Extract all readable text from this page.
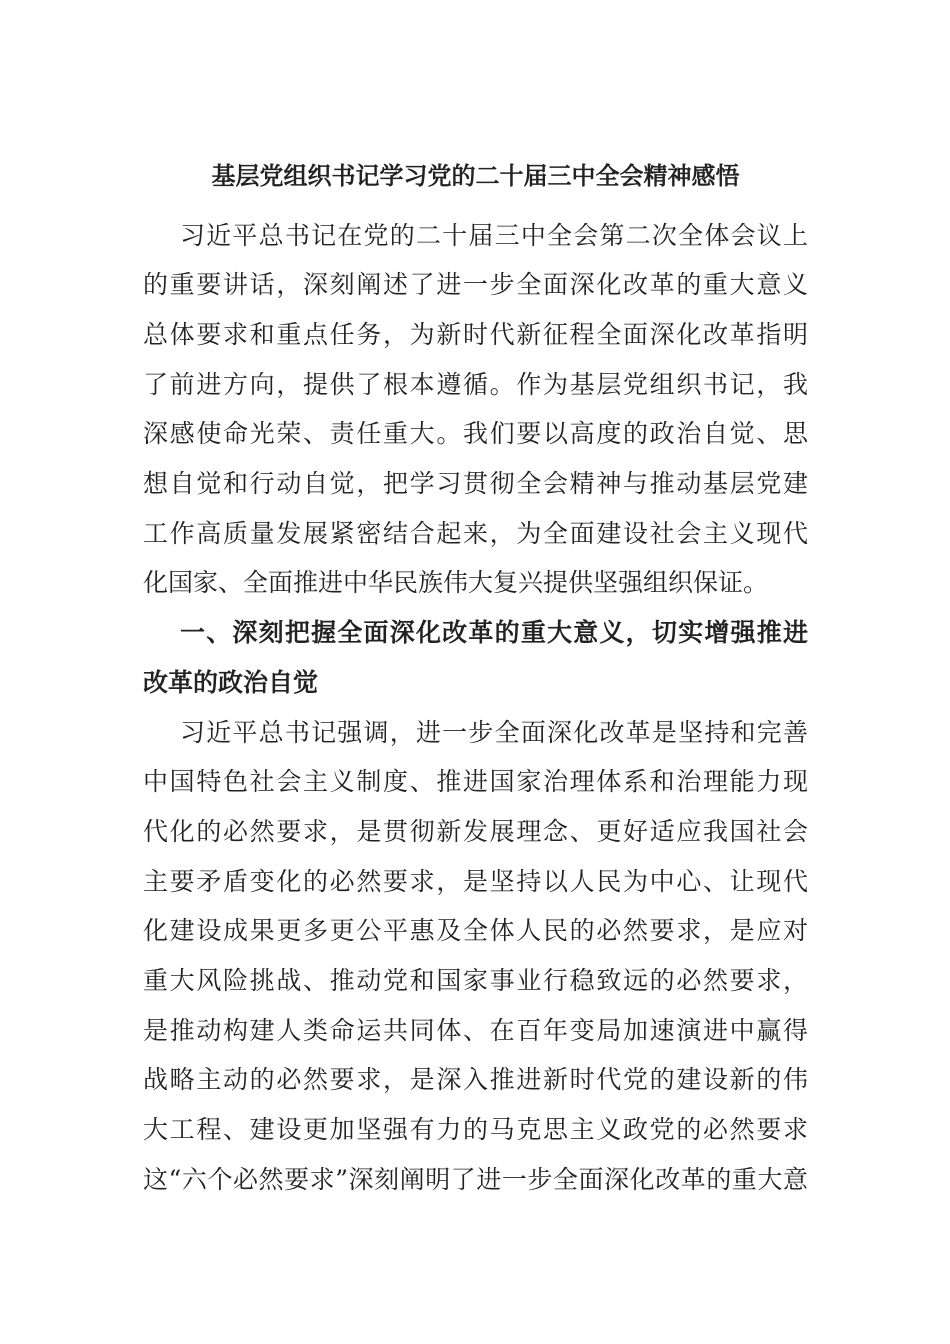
基层党组织书记学习党的二十届三中全会精神感悟
习近平总书记在党的二十届三中全会第二次全体会议上
的重要讲话，深刻阐述了进一步全面深化改革的重大意义
总体要求和重点任务，为新时代新征程全面深化改革指明
了前进方向，提供了根本遵循。作为基层党组织书记，我
深感使命光荣、责任重大。我们要以高度的政治自觉、思
想自觉和行动自觉，把学习贯彻全会精神与推动基层党建
工作高质量发展紧密结合起来，为全面建设社会主义现代
化国家、全面推进中华民族伟大复兴提供坚强组织保证。
一、深刻把握全面深化改革的重大意义，切实增强推进
改革的政治自觉
习近平总书记强调，进一步全面深化改革是坚持和完善
中国特色社会主义制度、推进国家治理体系和治理能力现
代化的必然要求，是贯彻新发展理念、更好适应我国社会
主要矛盾变化的必然要求，是坚持以人民为中心、让现代
化建设成果更多更公平惠及全体人民的必然要求，是应对
重大风险挑战、推动党和国家事业行稳致远的必然要求，
是推动构建人类命运共同体、在百年变局加速演进中赢得
战略主动的必然要求，是深入推进新时代党的建设新的伟
大工程、建设更加坚强有力的马克思主义政党的必然要求
这“六个必然要求”深刻阐明了进一步全面深化改革的重大意
